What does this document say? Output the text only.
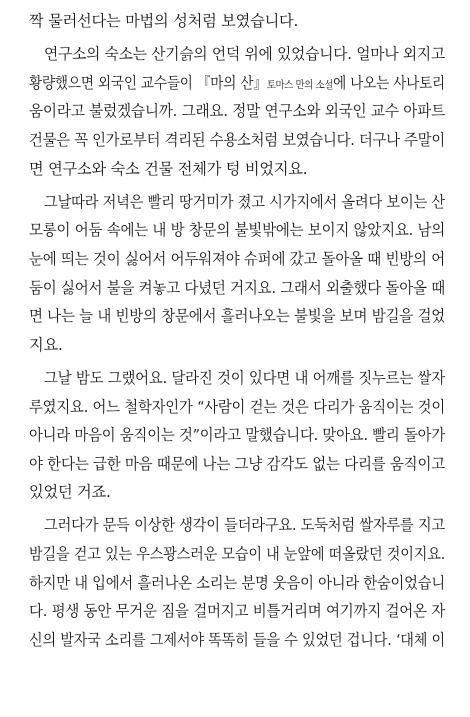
짝 물러선다는 마법의 성처럼 보였습니다.
연구소의 숙소는 산기슭의 언덕 위에 있었습니다. 얼마나 외지고
황량했으면 외국인 교수들이 『마의 산』토마스 만의 소설에 나오는 사나토리
움이라고 불렀겠습니까. 그래요. 정말 연구소와 외국인 교수 아파트
건물은 꼭 인가로부터 격리된 수용소처럼 보였습니다. 더구나 주말이
면 연구소와 숙소 건물 전체가 텅 비었지요.
그날따라 저녁은 빨리 땅거미가 졌고 시가지에서 올려다 보이는 산
모롱이 어둠 속에는 내 방 창문의 불빛밖에는 보이지 않았지요. 남의
눈에 띄는 것이 싫어서 어두워져야 슈퍼에 갔고 돌아올 때 빈방의 어
둠이 싫어서 불을 켜놓고 다녔던 거지요. 그래서 외출했다 돌아올 때
면 나는 늘 내 빈방의 창문에서 흘러나오는 불빛을 보며 밤길을 걸었
지요.
그날 밤도 그랬어요. 달라진 것이 있다면 내 어깨를 짓누르는 쌀자
루였지요. 어느 철학자인가 “사람이 걷는 것은 다리가 움직이는 것이
아니라 마음이 움직이는 것”이라고 말했습니다. 맞아요. 빨리 돌아가
야 한다는 급한 마음 때문에 나는 그냥 감각도 없는 다리를 움직이고
있었던 거죠.
그러다가 문득 이상한 생각이 들더라구요. 도둑처럼 쌀자루를 지고
밤길을 걷고 있는 우스꽝스러운 모습이 내 눈앞에 떠올랐던 것이지요.
하지만 내 입에서 흘러나온 소리는 분명 웃음이 아니라 한숨이었습니
다. 평생 동안 무거운 짐을 걸머지고 비틀거리며 여기까지 걸어온 자
신의 발자국 소리를 그제서야 똑똑히 들을 수 있었던 겁니다. ‘대체 이
